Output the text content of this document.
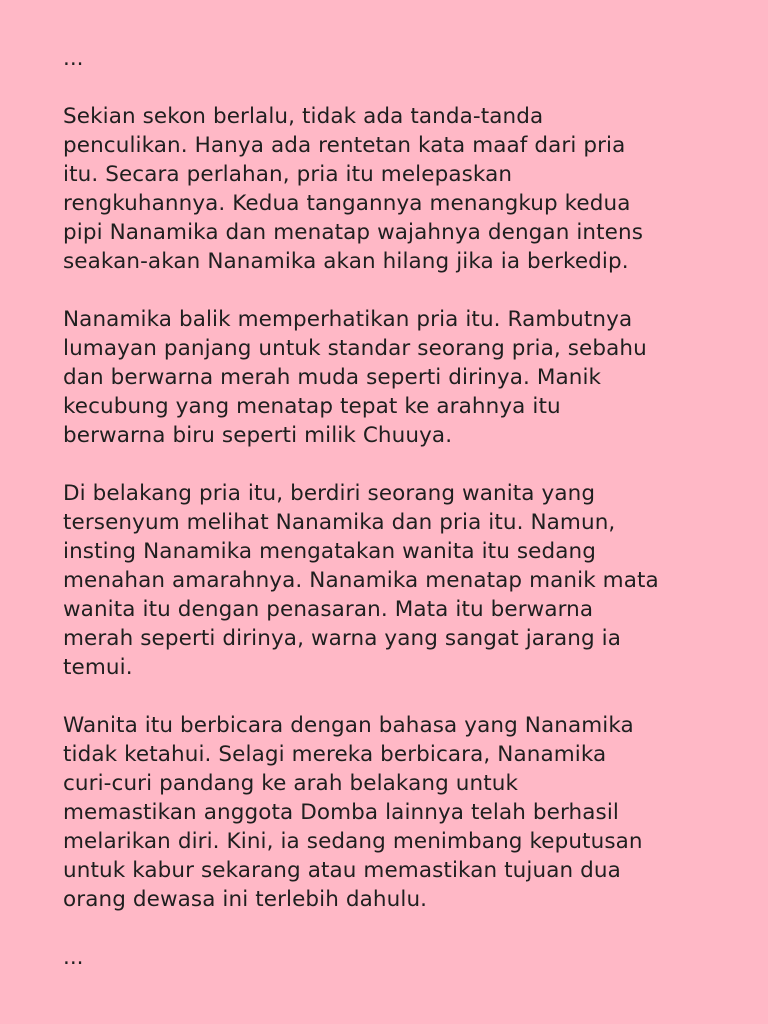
...
Sekian sekon berlalu, tidak ada tanda-tanda
penculikan. Hanya ada rentetan kata maaf dari pria
itu. Secara perlahan, pria itu melepaskan
rengkuhannya. Kedua tangannya menangkup kedua
pipi Nanamika dan menatap wajahnya dengan intens
seakan-akan Nanamika akan hilang jika ia berkedip.
Nanamika balik memperhatikan pria itu. Rambutnya
lumayan panjang untuk standar seorang pria, sebahu
dan berwarna merah muda seperti dirinya. Manik
kecubung yang menatap tepat ke arahnya itu
berwarna biru seperti milik Chuuya.
Di belakang pria itu, berdiri seorang wanita yang
tersenyum melihat Nanamika dan pria itu. Namun,
insting Nanamika mengatakan wanita itu sedang
menahan amarahnya. Nanamika menatap manik mata
wanita itu dengan penasaran. Mata itu berwarna
merah seperti dirinya, warna yang sangat jarang ia
temui.
Wanita itu berbicara dengan bahasa yang Nanamika
tidak ketahui. Selagi mereka berbicara, Nanamika
curi-curi pandang ke arah belakang untuk
memastikan anggota Domba lainnya telah berhasil
melarikan diri. Kini, ia sedang menimbang keputusan
untuk kabur sekarang atau memastikan tujuan dua
orang dewasa ini terlebih dahulu.
...
